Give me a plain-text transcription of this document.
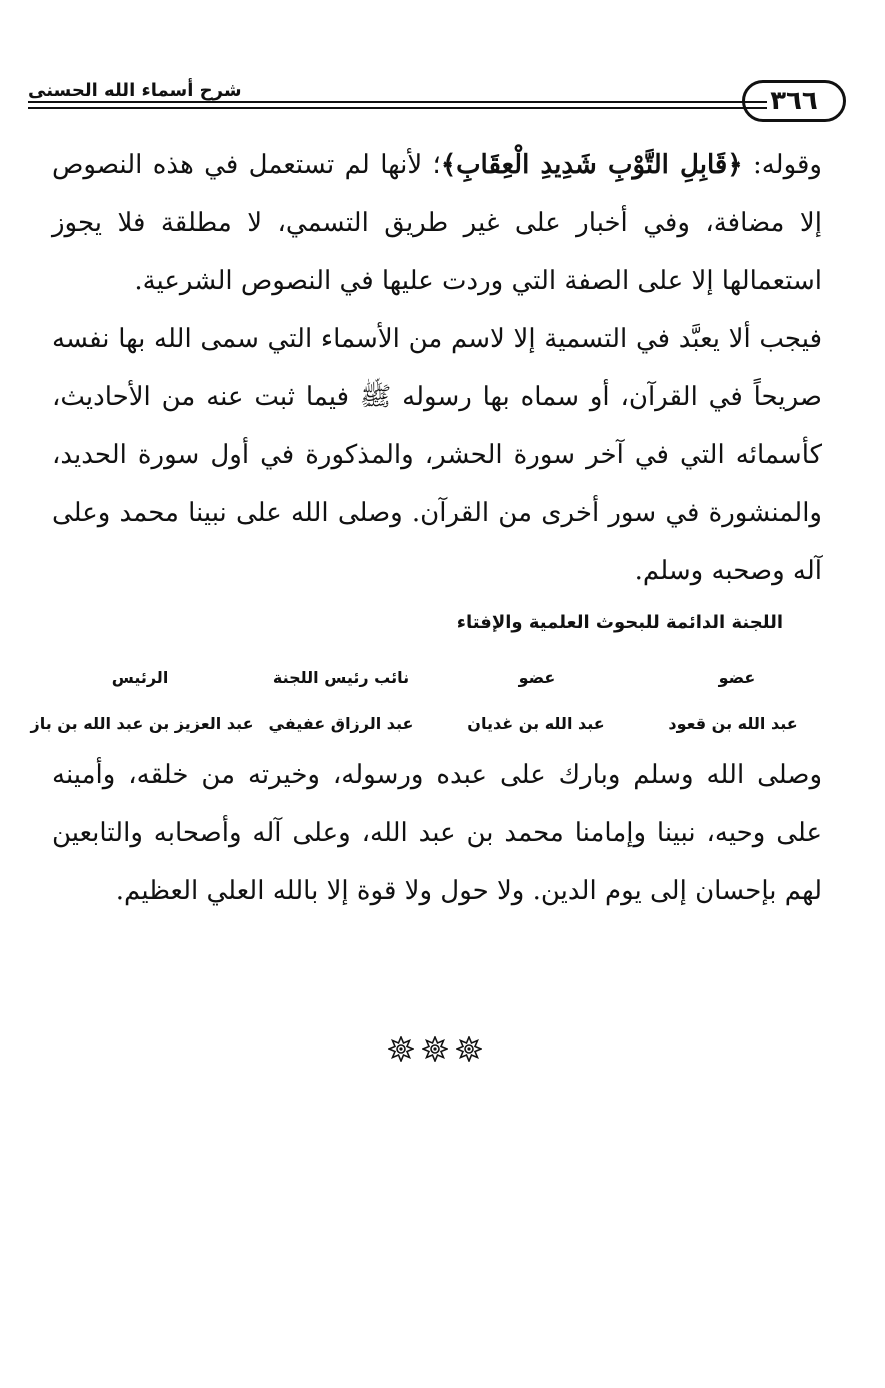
شرح أسماء الله الحسنى	٣٦٦
وقوله: ﴿قَابِلِ التَّوْبِ شَدِيدِ الْعِقَابِ﴾؛ لأنها لم تستعمل في هذه النصوص إلا مضافة، وفي أخبار على غير طريق التسمي، لا مطلقة فلا يجوز استعمالها إلا على الصفة التي وردت عليها في النصوص الشرعية.
فيجب ألا يعبَّد في التسمية إلا لاسم من الأسماء التي سمى الله بها نفسه صريحاً في القرآن، أو سماه بها رسوله ﷺ فيما ثبت عنه من الأحاديث، كأسمائه التي في آخر سورة الحشر، والمذكورة في أول سورة الحديد، والمنشورة في سور أخرى من القرآن. وصلى الله على نبينا محمد وعلى آله وصحبه وسلم.
اللجنة الدائمة للبحوث العلمية والإفتاء
عضو
عضو
نائب رئيس اللجنة
الرئيس
عبد الله بن قعود
عبد الله بن غديان
عبد الرزاق عفيفي
عبد العزيز بن عبد الله بن باز
وصلى الله وسلم وبارك على عبده ورسوله، وخيرته من خلقه، وأمينه على وحيه، نبينا وإمامنا محمد بن عبد الله، وعلى آله وأصحابه والتابعين لهم بإحسان إلى يوم الدين. ولا حول ولا قوة إلا بالله العلي العظيم.
